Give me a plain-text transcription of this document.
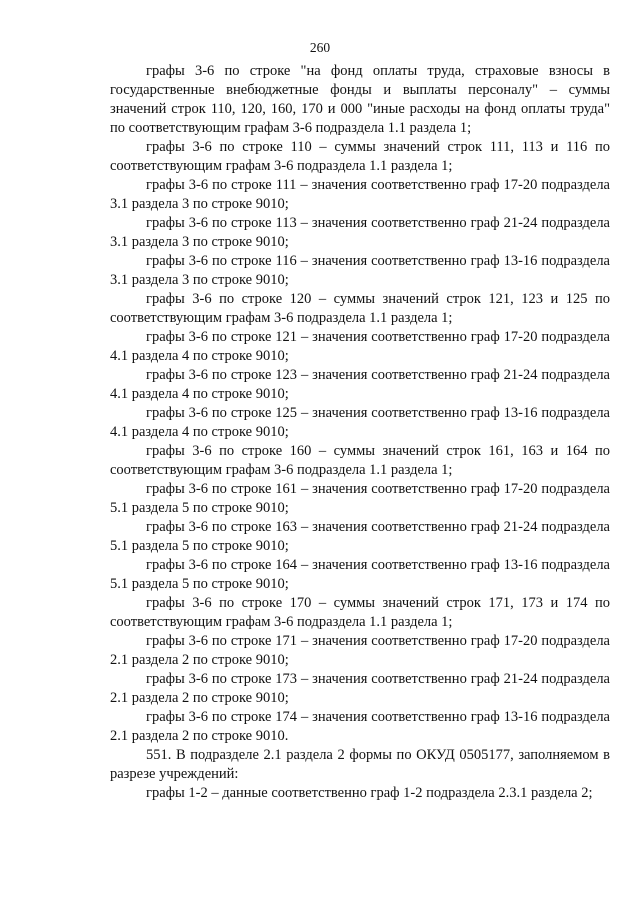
260

графы 3-6 по строке "на фонд оплаты труда, страховые взносы в государственные внебюджетные фонды и выплаты персоналу" – суммы значений строк 110, 120, 160, 170 и 000 "иные расходы на фонд оплаты труда" по соответствующим графам 3-6 подраздела 1.1 раздела 1;

графы 3-6 по строке 110 – суммы значений строк 111, 113 и 116 по соответствующим графам 3-6 подраздела 1.1 раздела 1;

графы 3-6 по строке 111 – значения соответственно граф 17-20 подраздела 3.1 раздела 3 по строке 9010;

графы 3-6 по строке 113 – значения соответственно граф 21-24 подраздела 3.1 раздела 3 по строке 9010;

графы 3-6 по строке 116 – значения соответственно граф 13-16 подраздела 3.1 раздела 3 по строке 9010;

графы 3-6 по строке 120 – суммы значений строк 121, 123 и 125 по соответствующим графам 3-6 подраздела 1.1 раздела 1;

графы 3-6 по строке 121 – значения соответственно граф 17-20 подраздела 4.1 раздела 4 по строке 9010;

графы 3-6 по строке 123 – значения соответственно граф 21-24 подраздела 4.1 раздела 4 по строке 9010;

графы 3-6 по строке 125 – значения соответственно граф 13-16 подраздела 4.1 раздела 4 по строке 9010;

графы 3-6 по строке 160 – суммы значений строк 161, 163 и 164 по соответствующим графам 3-6 подраздела 1.1 раздела 1;

графы 3-6 по строке 161 – значения соответственно граф 17-20 подраздела 5.1 раздела 5 по строке 9010;

графы 3-6 по строке 163 – значения соответственно граф 21-24 подраздела 5.1 раздела 5 по строке 9010;

графы 3-6 по строке 164 – значения соответственно граф 13-16 подраздела 5.1 раздела 5 по строке 9010;

графы 3-6 по строке 170 – суммы значений строк 171, 173 и 174 по соответствующим графам 3-6 подраздела 1.1 раздела 1;

графы 3-6 по строке 171 – значения соответственно граф 17-20 подраздела 2.1 раздела 2 по строке 9010;

графы 3-6 по строке 173 – значения соответственно граф 21-24 подраздела 2.1 раздела 2 по строке 9010;

графы 3-6 по строке 174 – значения соответственно граф 13-16 подраздела 2.1 раздела 2 по строке 9010.

551. В подразделе 2.1 раздела 2 формы по ОКУД 0505177, заполняемом в разрезе учреждений:

графы 1-2 – данные соответственно граф 1-2 подраздела 2.3.1 раздела 2;
